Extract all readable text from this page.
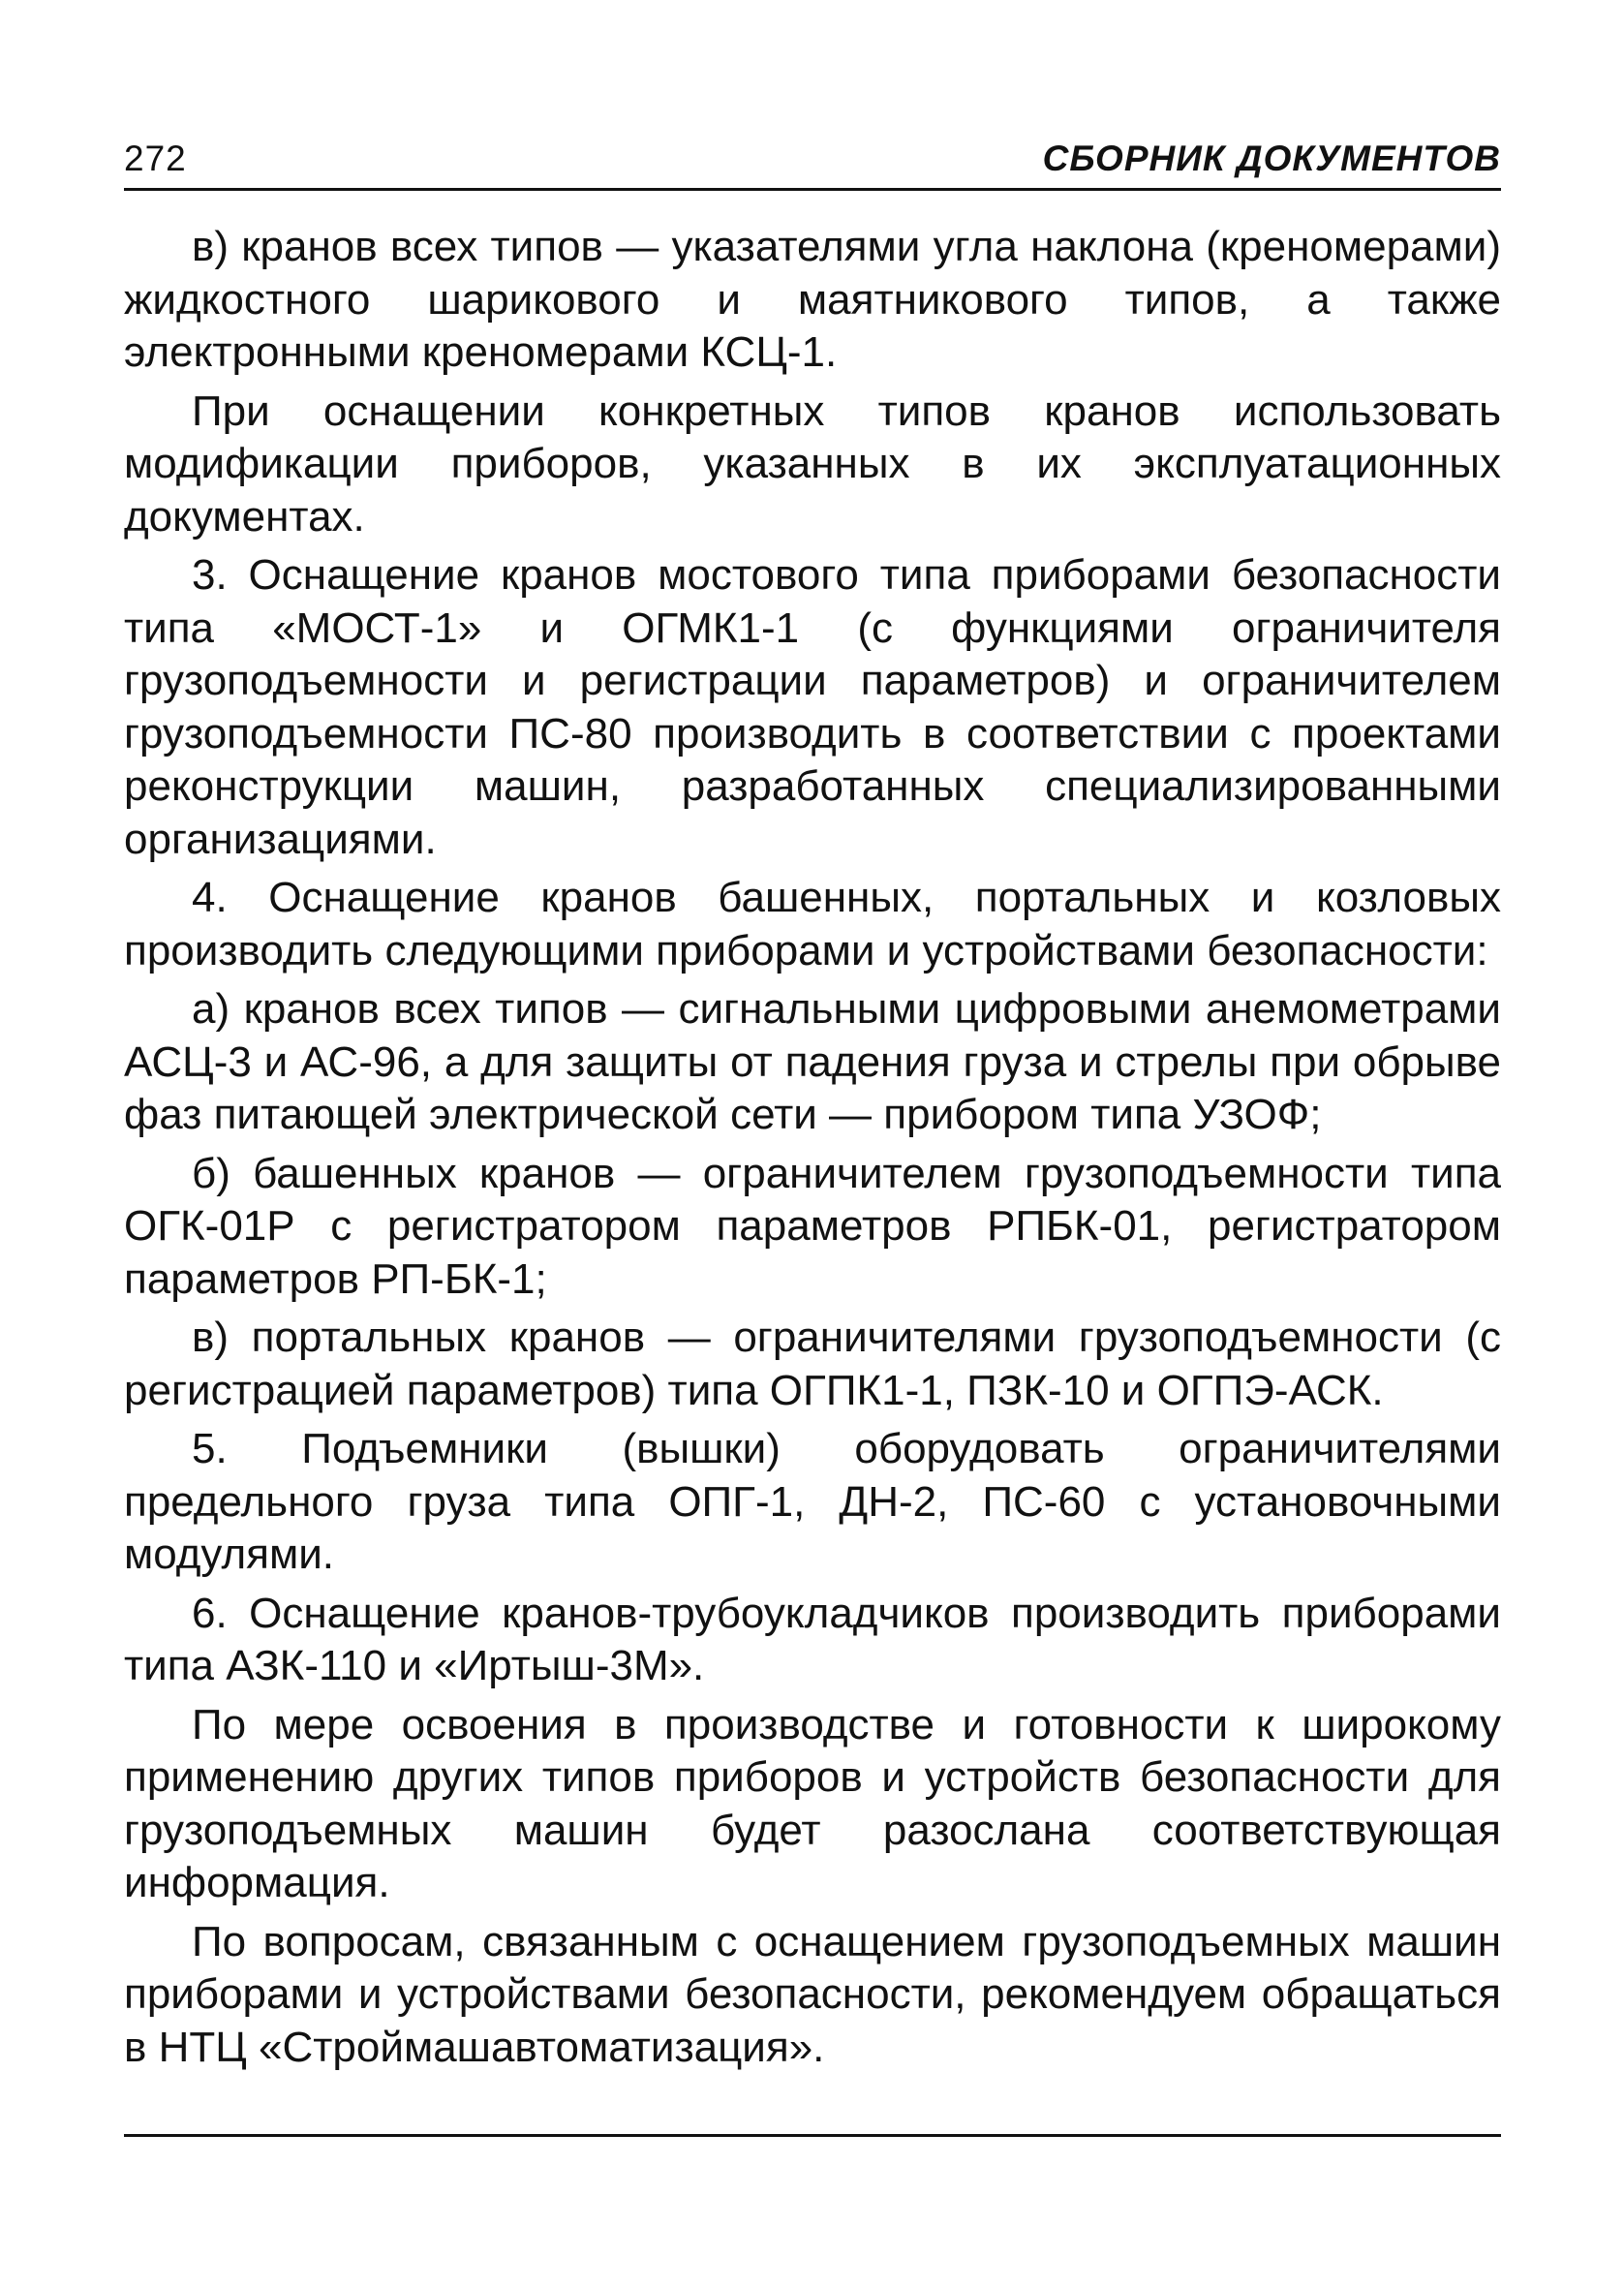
272	СБОРНИК ДОКУМЕНТОВ

в) кранов всех типов — указателями угла наклона (креномерами) жидкостного шарикового и маятникового типов, а также электронными креномерами КСЦ-1.

При оснащении конкретных типов кранов использовать модификации приборов, указанных в их эксплуатационных документах.

3. Оснащение кранов мостового типа приборами безопасности типа «МОСТ-1» и ОГМК1-1 (с функциями ограничителя грузоподъемности и регистрации параметров) и ограничителем грузоподъемности ПС-80 производить в соответствии с проектами реконструкции машин, разработанных специализированными организациями.

4. Оснащение кранов башенных, портальных и козловых производить следующими приборами и устройствами безопасности:

а) кранов всех типов — сигнальными цифровыми анемометрами АСЦ-3 и АС-96, а для защиты от падения груза и стрелы при обрыве фаз питающей электрической сети — прибором типа УЗОФ;

б) башенных кранов — ограничителем грузоподъемности типа ОГК-01Р с регистратором параметров РПБК-01, регистратором параметров РП-БК-1;

в) портальных кранов — ограничителями грузоподъемности (с регистрацией параметров) типа ОГПК1-1, ПЗК-10 и ОГПЭ-АСК.

5. Подъемники (вышки) оборудовать ограничителями предельного груза типа ОПГ-1, ДН-2, ПС-60 с установочными модулями.

6. Оснащение кранов-трубоукладчиков производить приборами типа АЗК-110 и «Иртыш-3М».

По мере освоения в производстве и готовности к широкому применению других типов приборов и устройств безопасности для грузоподъемных машин будет разослана соответствующая информация.

По вопросам, связанным с оснащением грузоподъемных машин приборами и устройствами безопасности, рекомендуем обращаться в НТЦ «Строймашавтоматизация».
